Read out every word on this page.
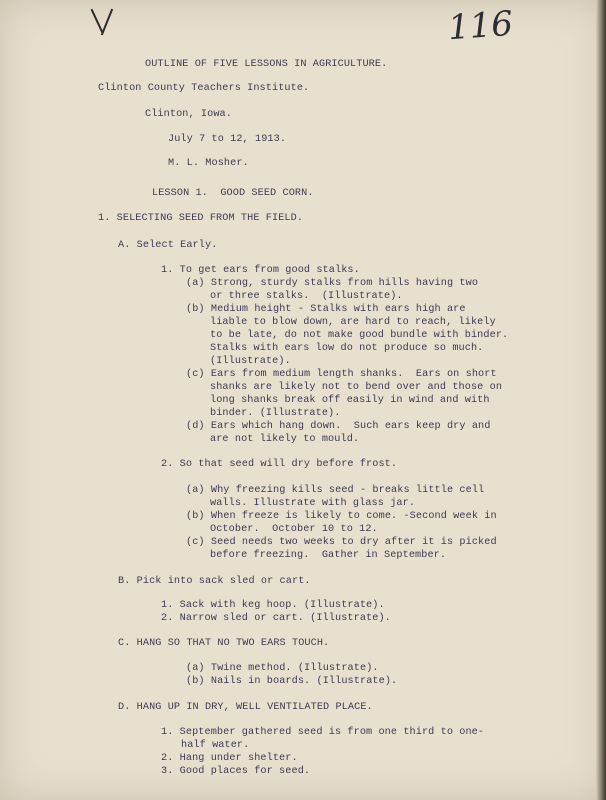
116
OUTLINE OF FIVE LESSONS IN AGRICULTURE.
Clinton County Teachers Institute.
Clinton, Iowa.
July 7 to 12, 1913.
M. L. Mosher.
LESSON 1.  GOOD SEED CORN.
1. SELECTING SEED FROM THE FIELD.
A. Select Early.
1. To get ears from good stalks.
(a) Strong, sturdy stalks from hills having two
or three stalks.  (Illustrate).
(b) Medium height - Stalks with ears high are
liable to blow down, are hard to reach, likely
to be late, do not make good bundle with binder.
Stalks with ears low do not produce so much.
(Illustrate).
(c) Ears from medium length shanks.  Ears on short
shanks are likely not to bend over and those on
long shanks break off easily in wind and with
binder. (Illustrate).
(d) Ears which hang down.  Such ears keep dry and
are not likely to mould.
2. So that seed will dry before frost.
(a) Why freezing kills seed - breaks little cell
walls. Illustrate with glass jar.
(b) When freeze is likely to come. -Second week in
October.  October 10 to 12.
(c) Seed needs two weeks to dry after it is picked
before freezing.  Gather in September.
B. Pick into sack sled or cart.
1. Sack with keg hoop. (Illustrate).
2. Narrow sled or cart. (Illustrate).
C. HANG SO THAT NO TWO EARS TOUCH.
(a) Twine method. (Illustrate).
(b) Nails in boards. (Illustrate).
D. HANG UP IN DRY, WELL VENTILATED PLACE.
1. September gathered seed is from one third to one-
half water.
2. Hang under shelter.
3. Good places for seed.
